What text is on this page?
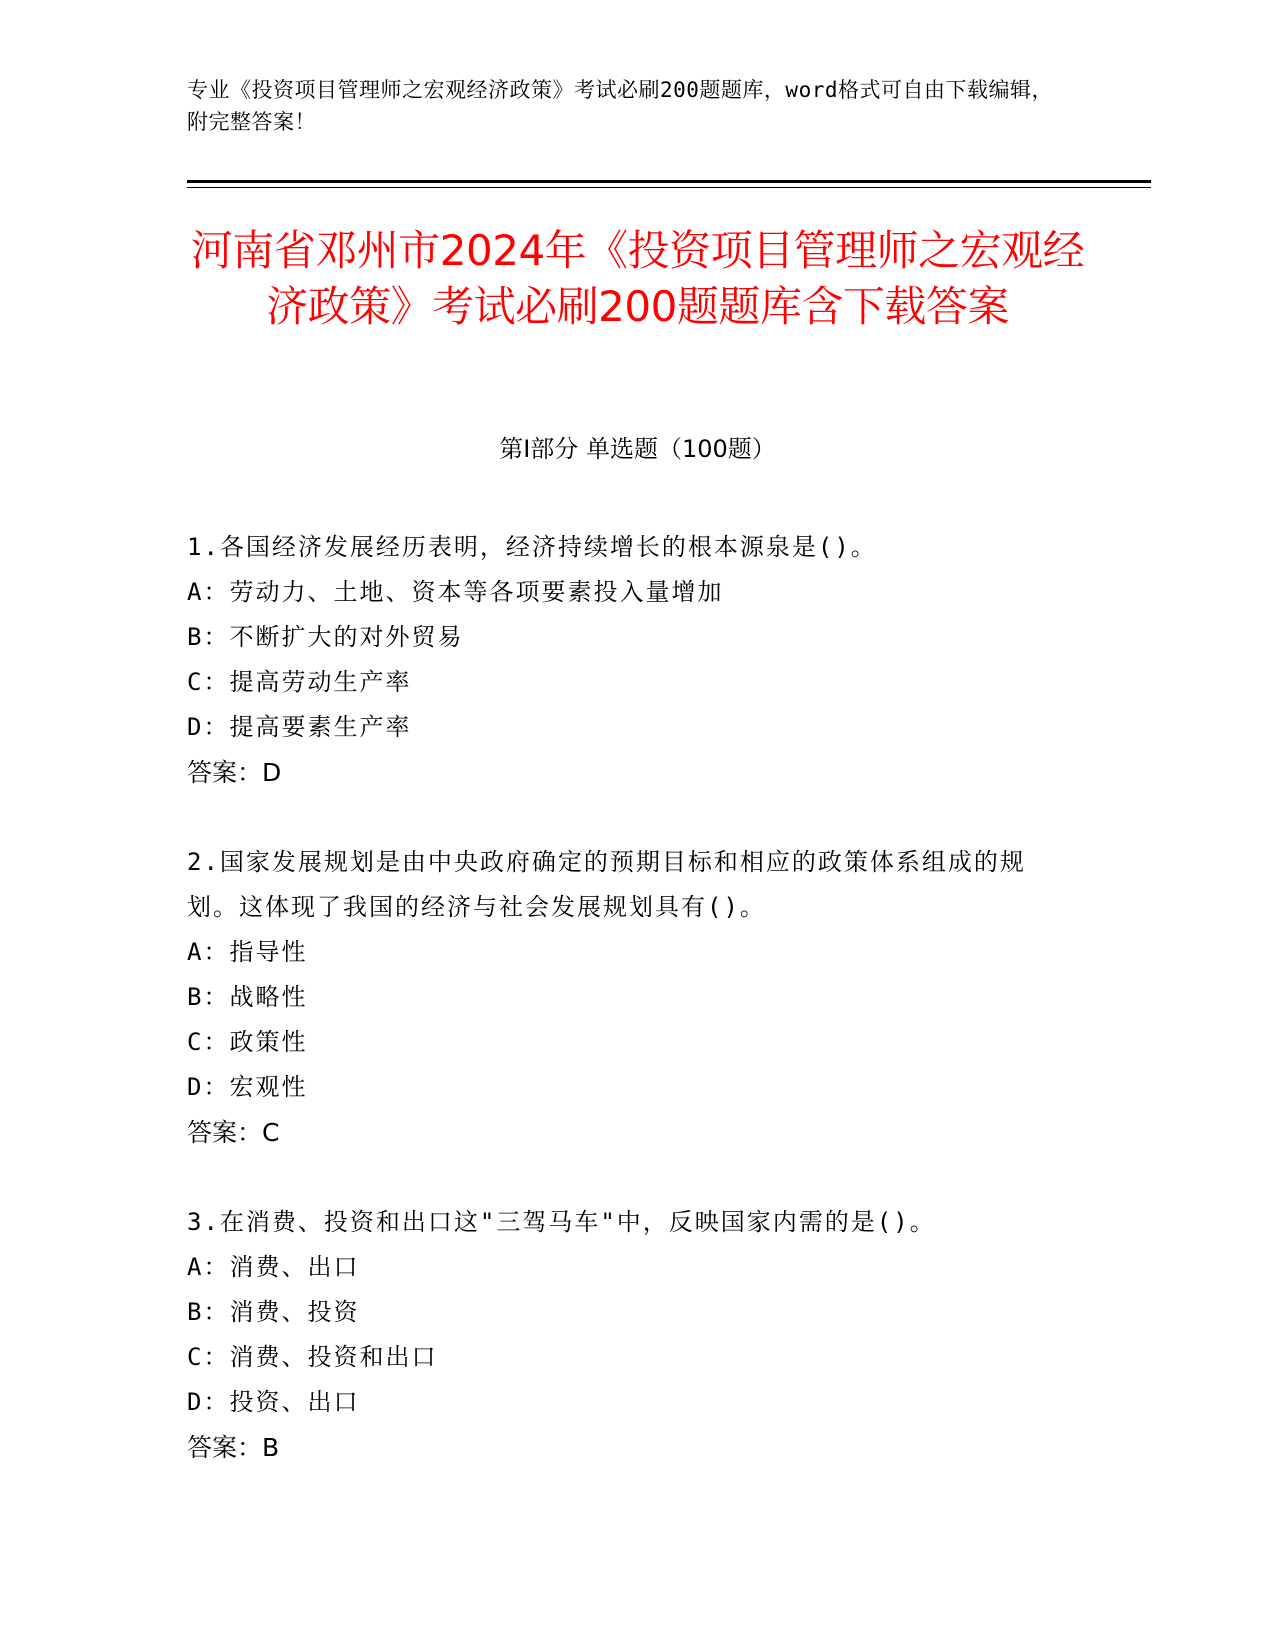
专业《投资项目管理师之宏观经济政策》考试必刷200题题库，word格式可自由下载编辑，附完整答案！
河南省邓州市2024年《投资项目管理师之宏观经济政策》考试必刷200题题库含下载答案
第I部分 单选题（100题）
1.各国经济发展经历表明，经济持续增长的根本源泉是()。
A：劳动力、土地、资本等各项要素投入量增加
B：不断扩大的对外贸易
C：提高劳动生产率
D：提高要素生产率
答案：D
2.国家发展规划是由中央政府确定的预期目标和相应的政策体系组成的规划。这体现了我国的经济与社会发展规划具有()。
A：指导性
B：战略性
C：政策性
D：宏观性
答案：C
3.在消费、投资和出口这"三驾马车"中，反映国家内需的是()。
A：消费、出口
B：消费、投资
C：消费、投资和出口
D：投资、出口
答案：B
